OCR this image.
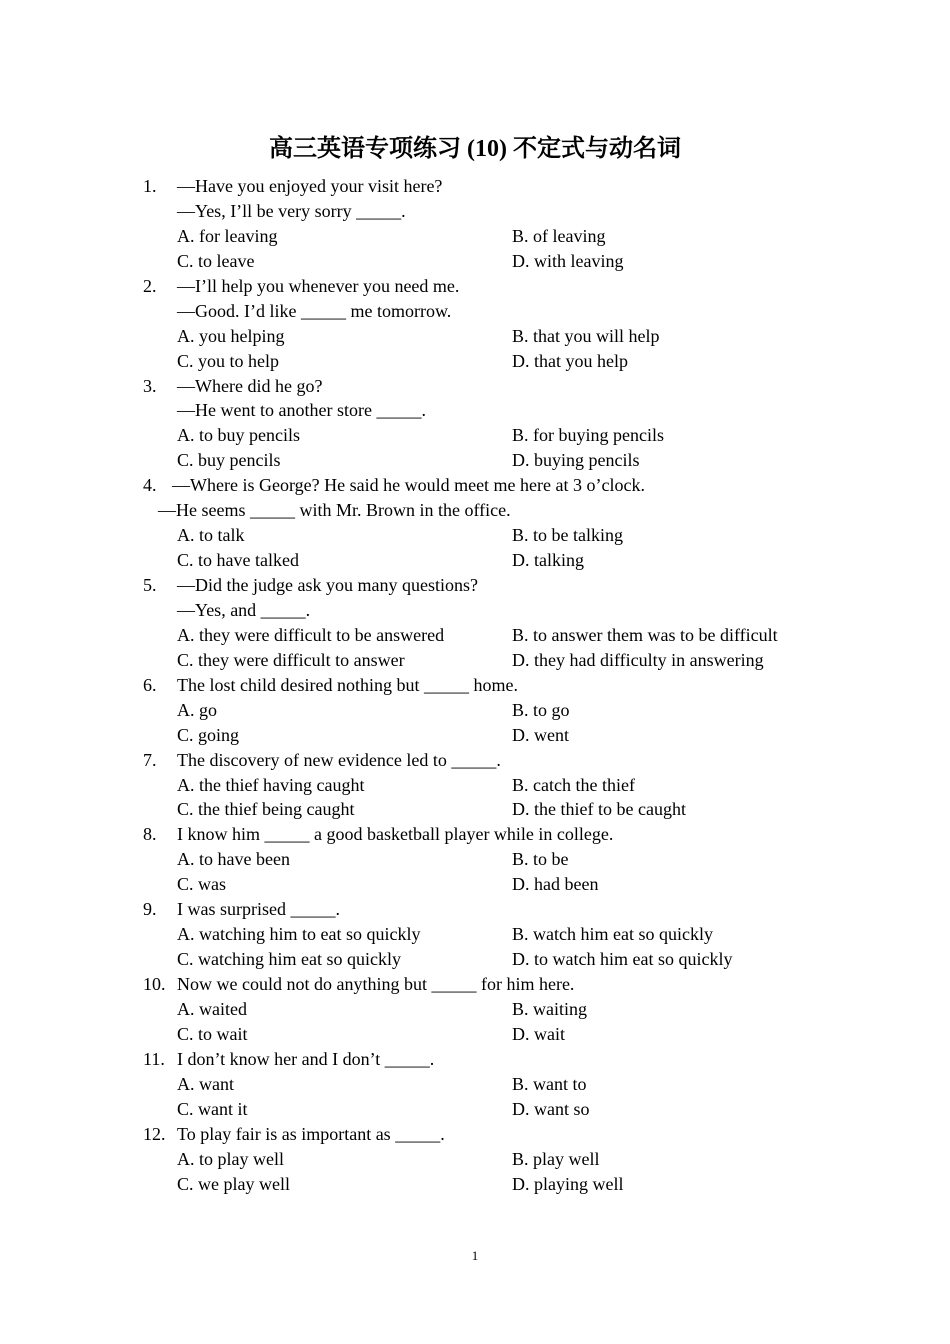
高三英语专项练习 (10) 不定式与动名词
1. —Have you enjoyed your visit here?
—Yes, I’ll be very sorry _____.
A. for leaving	B. of leaving
C. to leave	D. with leaving
2. —I’ll help you whenever you need me.
—Good. I’d like _____ me tomorrow.
A. you helping	B. that you will help
C. you to help	D. that you help
3. —Where did he go?
—He went to another store _____.
A. to buy pencils	B. for buying pencils
C. buy pencils	D. buying pencils
4. —Where is George? He said he would meet me here at 3 o’clock.
—He seems _____ with Mr. Brown in the office.
A. to talk	B. to be talking
C. to have talked	D. talking
5. —Did the judge ask you many questions?
—Yes, and _____.
A. they were difficult to be answered	B. to answer them was to be difficult
C. they were difficult to answer	D. they had difficulty in answering
6. The lost child desired nothing but _____ home.
A. go	B. to go
C. going	D. went
7. The discovery of new evidence led to _____.
A. the thief having caught	B. catch the thief
C. the thief being caught	D. the thief to be caught
8. I know him _____ a good basketball player while in college.
A. to have been	B. to be
C. was	D. had been
9. I was surprised _____.
A. watching him to eat so quickly	B. watch him eat so quickly
C. watching him eat so quickly	D. to watch him eat so quickly
10. Now we could not do anything but _____ for him here.
A. waited	B. waiting
C. to wait	D. wait
11. I don’t know her and I don’t _____.
A. want	B. want to
C. want it	D. want so
12. To play fair is as important as _____.
A. to play well	B. play well
C. we play well	D. playing well
1
